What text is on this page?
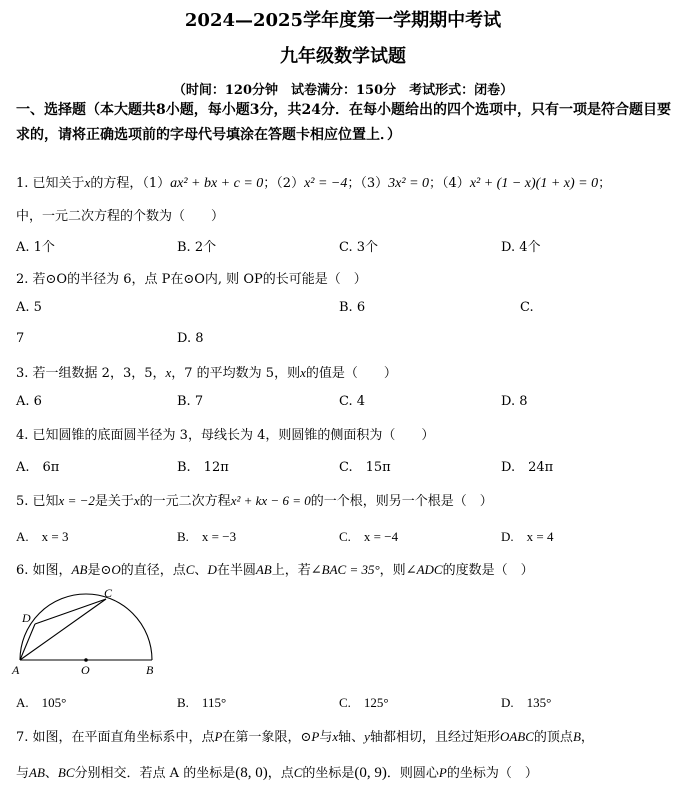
2024—2025学年度第一学期期中考试
九年级数学试题
（时间：120分钟　试卷满分：150分　考试形式：闭卷）
一、选择题（本大题共8小题，每小题3分，共24分．在每小题给出的四个选项中，只有一项是符合题目要求的，请将正确选项前的字母代号填涂在答题卡相应位置上．）
1. 已知关于x的方程，（1）ax² + bx + c = 0；（2）x² = −4；（3）3x² = 0；（4）x² + (1 − x)(1 + x) = 0；
中，一元二次方程的个数为（　　）
A. 1个	B. 2个	C. 3个	D. 4个
2. 若⊙O的半径为 6，点 P在⊙O内, 则 OP的长可能是（　）
A. 5	B. 6	C.
7	D. 8
3. 若一组数据 2，3，5，x，7 的平均数为 5，则x的值是（　　）
A. 6	B. 7	C. 4	D. 8
4. 已知圆锥的底面圆半径为 3，母线长为 4，则圆锥的侧面积为（　　）
A.　6π	B.　12π	C.　15π	D.　24π
5. 已知x = −2是关于x的一元二次方程x² + kx − 6 = 0的一个根，则另一个根是（　）
A.　x = 3	B.　x = −3	C.　x = −4	D.　x = 4
6. 如图，AB是⊙O的直径，点C、D在半圆AB上，若∠BAC = 35°，则∠ADC的度数是（　）
D
C
A	O	B
A.　105°	B.　115°	C.　125°	D.　135°
7. 如图，在平面直角坐标系中，点P在第一象限，⊙P与x轴、y轴都相切，且经过矩形OABC的顶点B，
与AB、BC分别相交．若点 A 的坐标是(8, 0)，点C的坐标是(0, 9)．则圆心P的坐标为（　）
